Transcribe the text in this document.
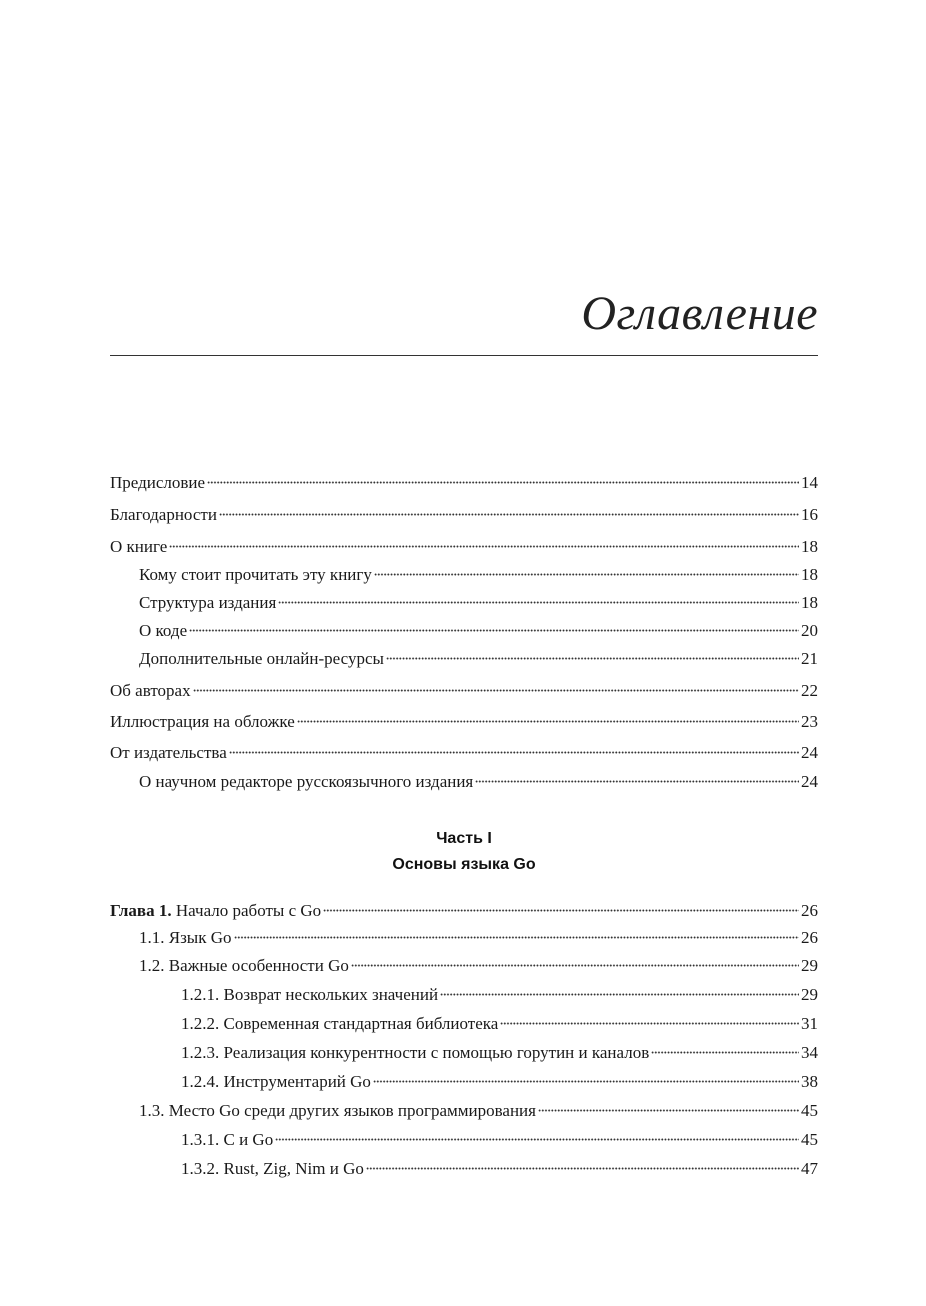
Оглавление
Предисловие	14
Благодарности	16
О книге	18
Кому стоит прочитать эту книгу	18
Структура издания	18
О коде	20
Дополнительные онлайн-ресурсы	21
Об авторах	22
Иллюстрация на обложке	23
От издательства	24
О научном редакторе русскоязычного издания	24
Часть I
Основы языка Go
Глава 1. Начало работы с Go	26
1.1. Язык Go	26
1.2. Важные особенности Go	29
1.2.1. Возврат нескольких значений	29
1.2.2. Современная стандартная библиотека	31
1.2.3. Реализация конкурентности с помощью горутин и каналов	34
1.2.4. Инструментарий Go	38
1.3. Место Go среди других языков программирования	45
1.3.1. C и Go	45
1.3.2. Rust, Zig, Nim и Go	47
